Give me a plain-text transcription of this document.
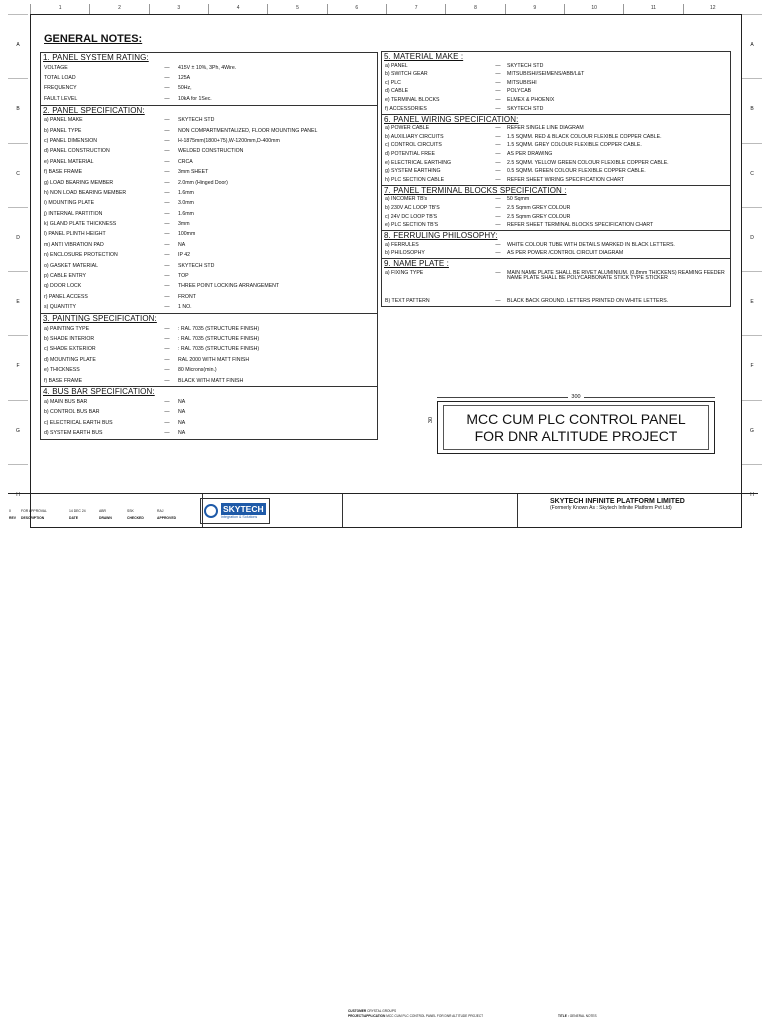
1	2	3	4	5	6	7	8	9	10	11	12
A
B
C
D
E
F
G
H
A
B
C
D
E
F
G
H
GENERAL NOTES:
1. PANEL SYSTEM RATING:
VOLTAGE	—	415V ± 10%, 3Ph, 4Wire.
TOTAL LOAD	—	125A
FREQUENCY	—	50Hz,
FAULT LEVEL	—	10kA for 1Sec.
2. PANEL SPECIFICATION:
a) PANEL MAKE	—	SKYTECH STD
b) PANEL TYPE	—	NON COMPARTMENTALIZED, FLOOR MOUNTING PANEL
c) PANEL DIMENSION	—	H-1875mm(1800+75),W-1200mm,D-400mm
d) PANEL CONSTRUCTION	—	WELDED CONSTRUCTION
e) PANEL MATERIAL	—	CRCA
f) BASE FRAME	—	3mm SHEET
g) LOAD BEARING MEMBER	—	2.0mm (Hinged Door)
h) NON LOAD BEARING MEMBER	—	1.6mm
i) MOUNTING PLATE	—	3.0mm
j) INTERNAL PARTITION	—	1.6mm
k) GLAND PLATE THICKNESS	—	3mm
l) PANEL PLINTH HEIGHT	—	100mm
m) ANTI VIBRATION PAD	—	NA
n) ENCLOSURE PROTECTION	—	IP 42
o) GASKET MATERIAL	—	SKYTECH STD
p) CABLE ENTRY	—	TOP
q) DOOR LOCK	—	THREE POINT LOCKING ARRANGEMENT
r) PANEL ACCESS	—	FRONT
s) QUANTITY	—	1 NO.
3. PAINTING SPECIFICATION:
a) PAINTING TYPE	—	: RAL 7035 (STRUCTURE FINISH)
b) SHADE INTERIOR	—	: RAL 7035 (STRUCTURE FINISH)
c) SHADE EXTERIOR	—	: RAL 7035 (STRUCTURE FINISH)
d) MOUNTING PLATE	—	RAL 2000 WITH MATT FINISH
e) THICKNESS	—	80 Microns(min.)
f) BASE FRAME	—	BLACK WITH MATT FINISH
4. BUS BAR SPECIFICATION:
a) MAIN BUS BAR	—	NA
b) CONTROL BUS BAR	—	NA
c) ELECTRICAL EARTH BUS	—	NA
d) SYSTEM EARTH BUS	—	NA
5. MATERIAL MAKE :
a) PANEL	—	SKYTECH STD
b) SWITCH GEAR	—	MITSUBISHI/SEIMENS/ABB/L&T
c) PLC	—	MITSUBISHI
d) CABLE	—	POLYCAB
e) TERMINAL BLOCKS	—	ELMEX & PHOENIX
f) ACCESSORIES	—	SKYTECH STD
6. PANEL WIRING SPECIFICATION:
a) POWER CABLE	—	REFER SINGLE LINE DIAGRAM
b) AUXILIARY CIRCUITS	—	1.5 SQMM. RED & BLACK COLOUR FLEXIBLE COPPER CABLE.
c) CONTROL CIRCUITS	—	1.5 SQMM. GREY COLOUR FLEXIBLE COPPER CABLE.
d) POTENTIAL FREE	—	AS PER DRAWING
e) ELECTRICAL EARTHING	—	2.5 SQMM. YELLOW GREEN COLOUR FLEXIBLE COPPER CABLE.
g) SYSTEM EARTHING	—	0.5 SQMM. GREEN COLOUR FLEXIBLE COPPER CABLE.
h) PLC SECTION CABLE	—	REFER SHEET WIRING SPECIFICATION CHART
7. PANEL TERMINAL BLOCKS SPECIFICATION :
a) INCOMER TB's	—	50 Sqmm
b) 230V AC LOOP TB'S	—	2.5 Sqmm GREY COLOUR
c) 24V DC LOOP TB'S	—	2.5 Sqmm GREY COLOUR
e) PLC SECTION TB'S	—	REFER SHEET TERMINAL BLOCKS SPECIFICATION CHART
8. FERRULING PHILOSOPHY:
a) FERRULES	—	WHITE COLOUR TUBE WITH DETAILS MARKED IN BLACK LETTERS.
b) PHILOSOPHY	—	AS PER POWER /CONTROL CIRCUIT DIAGRAM
9. NAME PLATE :
a) FIXING TYPE	—	MAIN NAME PLATE SHALL BE RIVET ALUMINIUM. (0.8mm THICKENS) REAMING FEEDER NAME PLATE SHALL BE POLYCARBONATE STICK TYPE STICKER
B) TEXT PATTERN	—	BLACK BACK GROUND. LETTERS PRINTED ON WHITE LETTERS.
300
30 MCC CUM PLC CONTROL PANEL
FOR DNR ALTITUDE PROJECT
0	FOR APPROVAL	14 DEC 24	ABR	SSK	RAJ
REV	DESCRIPTION	DATE	DRAWN	CHECKED	APPROVED
CUSTOMER CRYSTAL GROUPS
PROJECT/APPLICATION MCC CUM PLC CONTROL PANEL FOR DNR ALTITUDE PROJECT	TITLE : GENERAL NOTES
SKYTECH
Integration & Solutions
SKYTECH INFINITE PLATFORM LIMITED
(Formerly Known As : Skytech Infinite Platform Pvt Ltd)
